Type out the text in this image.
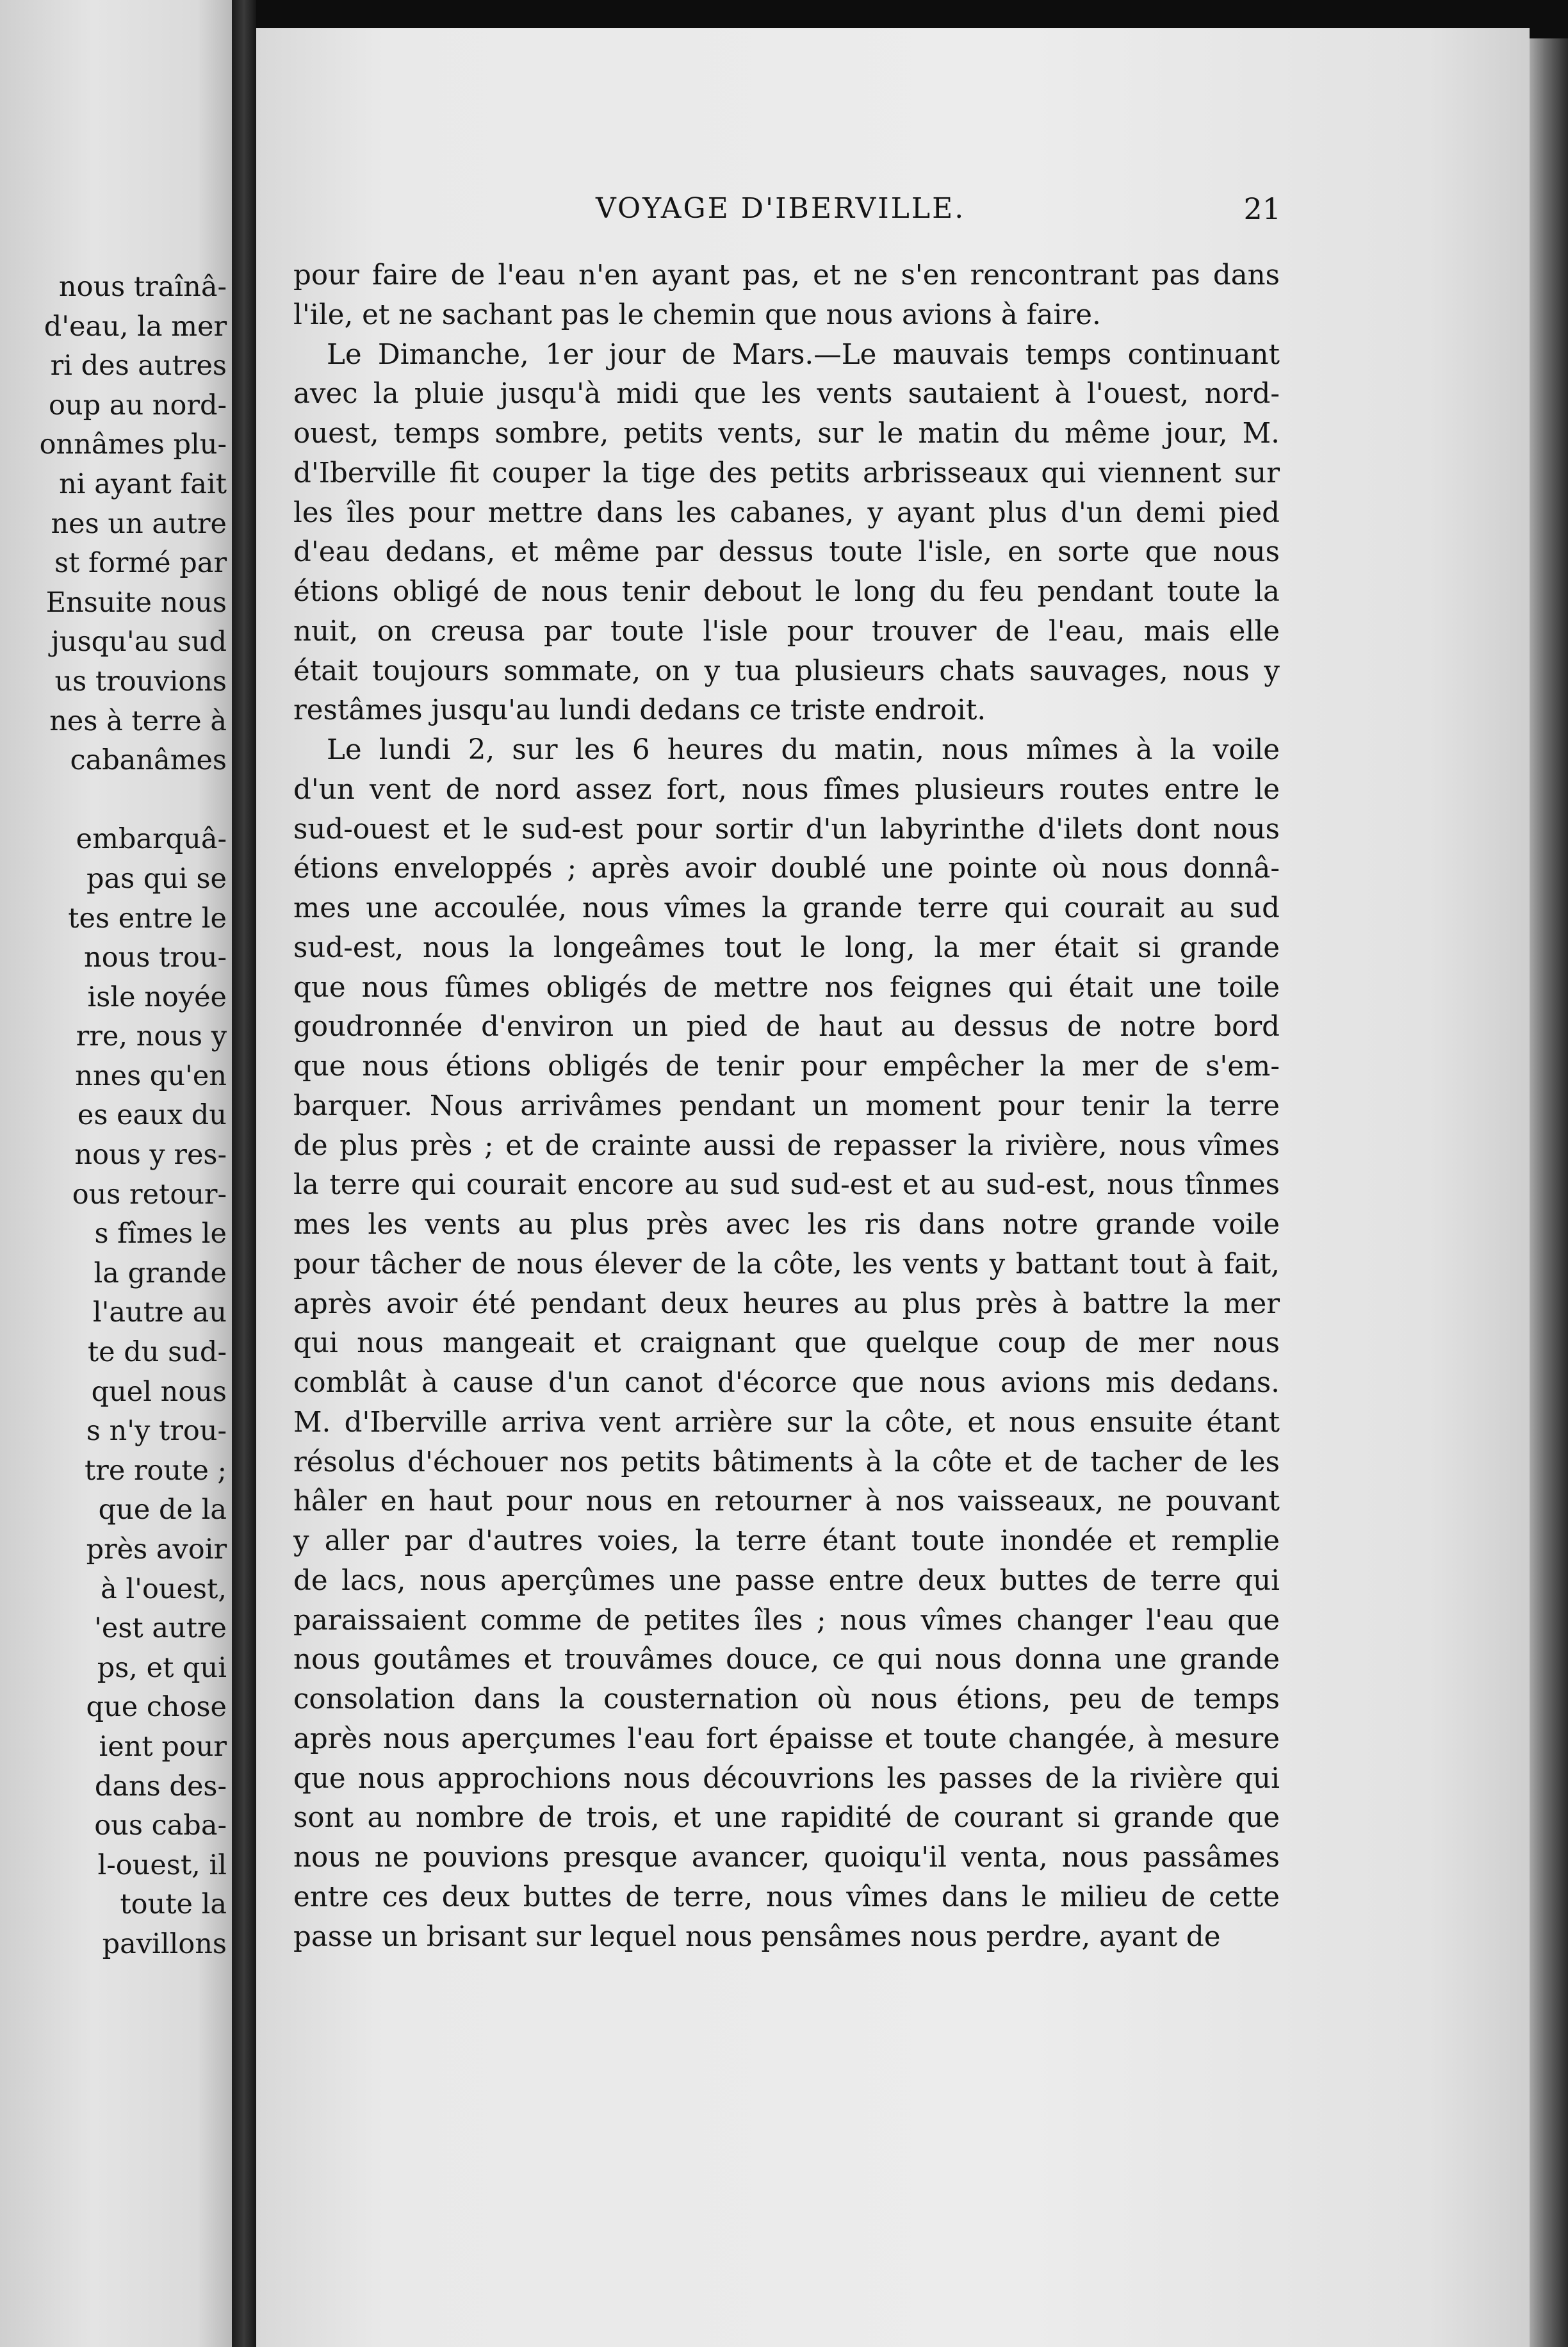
nous traînâ-
d'eau, la mer
ri des autres
oup au nord-
onnâmes plu-
ni ayant fait
nes un autre
st formé par
Ensuite nous
jusqu'au sud
us trouvions
nes à terre à
cabanâmes
embarquâ-
pas qui se
tes entre le
nous trou-
isle noyée
rre, nous y
nnes qu'en
es eaux du
nous y res-
ous retour-
s fîmes le
la grande
l'autre au
te du sud-
quel nous
s n'y trou-
tre route ;
que de la
près avoir
à l'ouest,
'est autre
ps, et qui
que chose
ient pour
dans des-
ous caba-
l-ouest, il
toute la
pavillons
VOYAGE D'IBERVILLE.	21
pour faire de l'eau n'en ayant pas, et ne s'en rencontrant pas dans
l'ile, et ne sachant pas le chemin que nous avions à faire.
Le Dimanche, 1er jour de Mars.—Le mauvais temps continuant
avec la pluie jusqu'à midi que les vents sautaient à l'ouest, nord-
ouest, temps sombre, petits vents, sur le matin du même jour, M.
d'Iberville fit couper la tige des petits arbrisseaux qui viennent sur
les îles pour mettre dans les cabanes, y ayant plus d'un demi pied
d'eau dedans, et même par dessus toute l'isle, en sorte que nous
étions obligé de nous tenir debout le long du feu pendant toute la
nuit, on creusa par toute l'isle pour trouver de l'eau, mais elle
était toujours sommate, on y tua plusieurs chats sauvages, nous y
restâmes jusqu'au lundi dedans ce triste endroit.
Le lundi 2, sur les 6 heures du matin, nous mîmes à la voile
d'un vent de nord assez fort, nous fîmes plusieurs routes entre le
sud-ouest et le sud-est pour sortir d'un labyrinthe d'ilets dont nous
étions enveloppés ; après avoir doublé une pointe où nous donnâ-
mes une accoulée, nous vîmes la grande terre qui courait au sud
sud-est, nous la longeâmes tout le long, la mer était si grande
que nous fûmes obligés de mettre nos feignes qui était une toile
goudronnée d'environ un pied de haut au dessus de notre bord
que nous étions obligés de tenir pour empêcher la mer de s'em-
barquer. Nous arrivâmes pendant un moment pour tenir la terre
de plus près ; et de crainte aussi de repasser la rivière, nous vîmes
la terre qui courait encore au sud sud-est et au sud-est, nous tînmes
mes les vents au plus près avec les ris dans notre grande voile
pour tâcher de nous élever de la côte, les vents y battant tout à fait,
après avoir été pendant deux heures au plus près à battre la mer
qui nous mangeait et craignant que quelque coup de mer nous
comblât à cause d'un canot d'écorce que nous avions mis dedans.
M. d'Iberville arriva vent arrière sur la côte, et nous ensuite étant
résolus d'échouer nos petits bâtiments à la côte et de tacher de les
hâler en haut pour nous en retourner à nos vaisseaux, ne pouvant
y aller par d'autres voies, la terre étant toute inondée et remplie
de lacs, nous aperçûmes une passe entre deux buttes de terre qui
paraissaient comme de petites îles ; nous vîmes changer l'eau que
nous goutâmes et trouvâmes douce, ce qui nous donna une grande
consolation dans la cousternation où nous étions, peu de temps
après nous aperçumes l'eau fort épaisse et toute changée, à mesure
que nous approchions nous découvrions les passes de la rivière qui
sont au nombre de trois, et une rapidité de courant si grande que
nous ne pouvions presque avancer, quoiqu'il venta, nous passâmes
entre ces deux buttes de terre, nous vîmes dans le milieu de cette
passe un brisant sur lequel nous pensâmes nous perdre, ayant de
